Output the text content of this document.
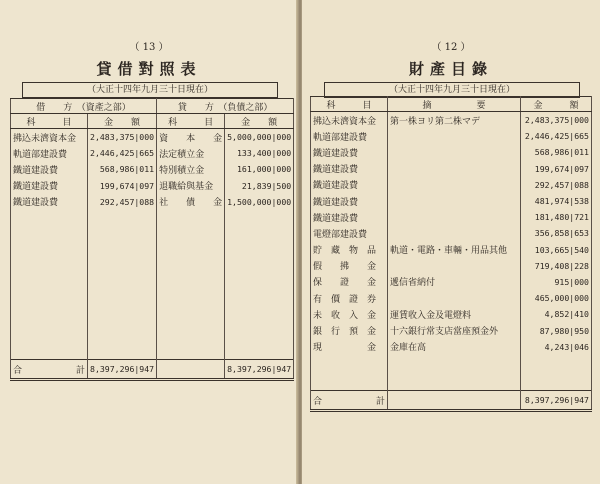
（ 13 ）
貸借對照表
（大正十四年九月三十日現在）
借　　方　（資產之部）		貸　　方　（負債之部）	
科　　　目	金　　額	科　　　目	金　　額
拂込未濟資本金	2,483,375|000	資　　本　　金	5,000,000|000
軌道部建設費	2,446,425|665	法定積立金	133,400|000
鐵道建設費	568,986|011	特別積立金	161,000|000
鐵道建設費	199,674|097	退職給與基金	21,839|500
鐵道建設費	292,457|088	社　　債　　金	1,500,000|000

合　　　　　　計	8,397,296|947		8,397,296|947
（ 12 ）
財產目錄
（大正十四年九月三十日現在）
科　　　目	摘　　　　　要	金　　　額
拂込未濟資本金	第一株ヨリ第二株マデ	2,483,375|000
軌道部建設費		2,446,425|665
鐵道建設費		568,986|011
鐵道建設費		199,674|097
鐵道建設費		292,457|088
鐵道建設費		481,974|538
鐵道建設費		181,480|721
電燈部建設費		356,858|653
貯　藏　物　品	軌道・電路・車輛・用品其他	103,665|540
假　　拂　　金		719,408|228
保　　證　　金	遞信省納付	915|000
有　價　證　券		465,000|000
未　收　入　金	運賃收入金及電燈料	4,852|410
銀　行　預　金	十六銀行常支店當座預金外	87,980|950
現　　　　　金	金庫在高	4,243|046

合　　　　　　計		8,397,296|947
